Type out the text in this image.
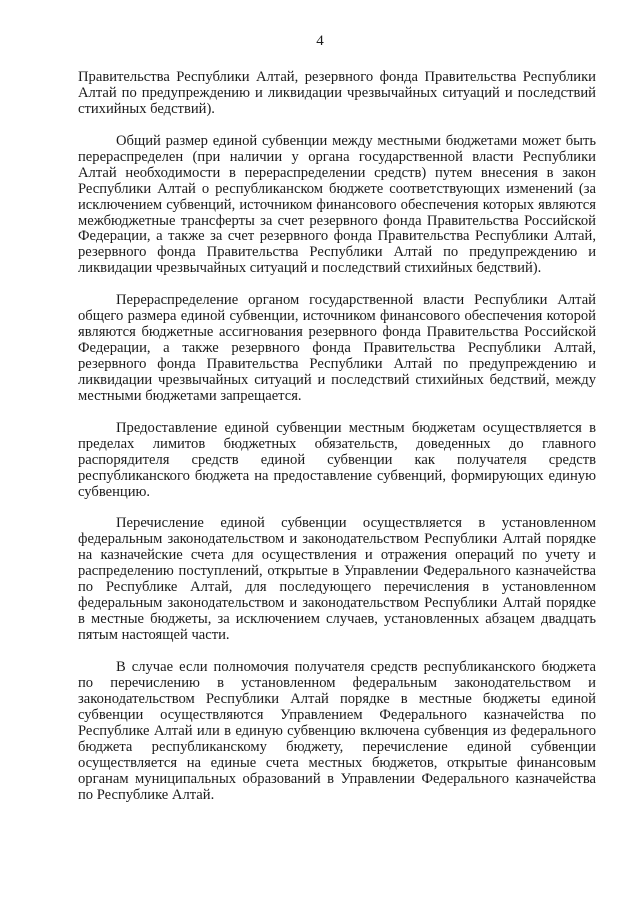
4

Правительства Республики Алтай, резервного фонда Правительства Республики Алтай по предупреждению и ликвидации чрезвычайных ситуаций и последствий стихийных бедствий).

Общий размер единой субвенции между местными бюджетами может быть перераспределен (при наличии у органа государственной власти Республики Алтай необходимости в перераспределении средств) путем внесения в закон Республики Алтай о республиканском бюджете соответствующих изменений (за исключением субвенций, источником финансового обеспечения которых являются межбюджетные трансферты за счет резервного фонда Правительства Российской Федерации, а также за счет резервного фонда Правительства Республики Алтай, резервного фонда Правительства Республики Алтай по предупреждению и ликвидации чрезвычайных ситуаций и последствий стихийных бедствий).

Перераспределение органом государственной власти Республики Алтай общего размера единой субвенции, источником финансового обеспечения которой являются бюджетные ассигнования резервного фонда Правительства Российской Федерации, а также резервного фонда Правительства Республики Алтай, резервного фонда Правительства Республики Алтай по предупреждению и ликвидации чрезвычайных ситуаций и последствий стихийных бедствий, между местными бюджетами запрещается.

Предоставление единой субвенции местным бюджетам осуществляется в пределах лимитов бюджетных обязательств, доведенных до главного распорядителя средств единой субвенции как получателя средств республиканского бюджета на предоставление субвенций, формирующих единую субвенцию.

Перечисление единой субвенции осуществляется в установленном федеральным законодательством и законодательством Республики Алтай порядке на казначейские счета для осуществления и отражения операций по учету и распределению поступлений, открытые в Управлении Федерального казначейства по Республике Алтай, для последующего перечисления в установленном федеральным законодательством и законодательством Республики Алтай порядке в местные бюджеты, за исключением случаев, установленных абзацем двадцать пятым настоящей части.

В случае если полномочия получателя средств республиканского бюджета по перечислению в установленном федеральным законодательством и законодательством Республики Алтай порядке в местные бюджеты единой субвенции осуществляются Управлением Федерального казначейства по Республике Алтай или в единую субвенцию включена субвенция из федерального бюджета республиканскому бюджету, перечисление единой субвенции осуществляется на единые счета местных бюджетов, открытые финансовым органам муниципальных образований в Управлении Федерального казначейства по Республике Алтай.
